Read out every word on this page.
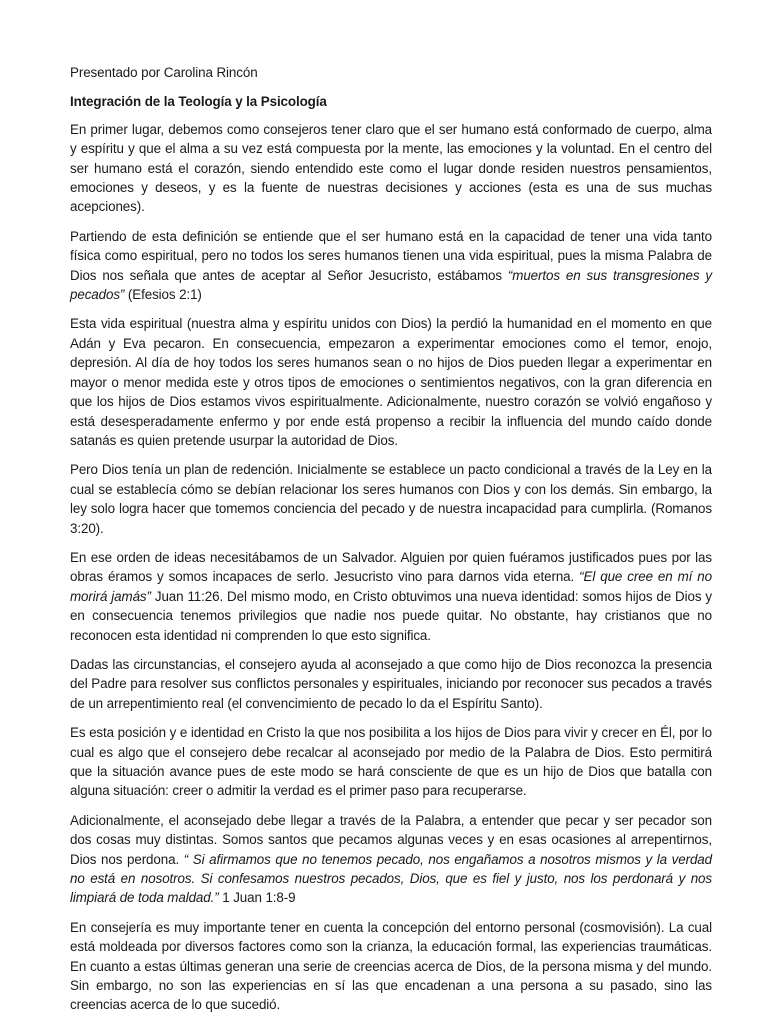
Presentado por Carolina Rincón

Integración de la Teología y la Psicología

En primer lugar, debemos como consejeros tener claro que el ser humano está conformado de cuerpo, alma y espíritu y que el alma a su vez está compuesta por la mente, las emociones y la voluntad. En el centro del ser humano está el corazón, siendo entendido este como el lugar donde residen nuestros pensamientos, emociones y deseos, y es la fuente de nuestras decisiones y acciones (esta es una de sus muchas acepciones).

Partiendo de esta definición se entiende que el ser humano está en la capacidad de tener una vida tanto física como espiritual, pero no todos los seres humanos tienen una vida espiritual, pues la misma Palabra de Dios nos señala que antes de aceptar al Señor Jesucristo, estábamos “muertos en sus transgresiones y pecados” (Efesios 2:1)

Esta vida espiritual (nuestra alma y espíritu unidos con Dios) la perdió la humanidad en el momento en que Adán y Eva pecaron. En consecuencia, empezaron a experimentar emociones como el temor, enojo, depresión. Al día de hoy todos los seres humanos sean o no hijos de Dios pueden llegar a experimentar en mayor o menor medida este y otros tipos de emociones o sentimientos negativos, con la gran diferencia en que los hijos de Dios estamos vivos espiritualmente. Adicionalmente, nuestro corazón se volvió engañoso y está desesperadamente enfermo y por ende está propenso a recibir la influencia del mundo caído donde satanás es quien pretende usurpar la autoridad de Dios.

Pero Dios tenía un plan de redención. Inicialmente se establece un pacto condicional a través de la Ley en la cual se establecía cómo se debían relacionar los seres humanos con Dios y con los demás. Sin embargo, la ley solo logra hacer que tomemos conciencia del pecado y de nuestra incapacidad para cumplirla. (Romanos 3:20).

En ese orden de ideas necesitábamos de un Salvador. Alguien por quien fuéramos justificados pues por las obras éramos y somos incapaces de serlo. Jesucristo vino para darnos vida eterna. “El que cree en mí no morirá jamás” Juan 11:26. Del mismo modo, en Cristo obtuvimos una nueva identidad: somos hijos de Dios y en consecuencia tenemos privilegios que nadie nos puede quitar. No obstante, hay cristianos que no reconocen esta identidad ni comprenden lo que esto significa.

Dadas las circunstancias, el consejero ayuda al aconsejado a que como hijo de Dios reconozca la presencia del Padre para resolver sus conflictos personales y espirituales, iniciando por reconocer sus pecados a través de un arrepentimiento real (el convencimiento de pecado lo da el Espíritu Santo).

Es esta posición y e identidad en Cristo la que nos posibilita a los hijos de Dios para vivir y crecer en Él, por lo cual es algo que el consejero debe recalcar al aconsejado por medio de la Palabra de Dios. Esto permitirá que la situación avance pues de este modo se hará consciente de que es un hijo de Dios que batalla con alguna situación: creer o admitir la verdad es el primer paso para recuperarse.

Adicionalmente, el aconsejado debe llegar a través de la Palabra, a entender que pecar y ser pecador son dos cosas muy distintas. Somos santos que pecamos algunas veces y en esas ocasiones al arrepentirnos, Dios nos perdona. “ Si afirmamos que no tenemos pecado, nos engañamos a nosotros mismos y la verdad no está en nosotros. Si confesamos nuestros pecados, Dios, que es fiel y justo, nos los perdonará y nos limpiará de toda maldad.” 1 Juan 1:8-9

En consejería es muy importante tener en cuenta la concepción del entorno personal (cosmovisión). La cual está moldeada por diversos factores como son la crianza, la educación formal, las experiencias traumáticas. En cuanto a estas últimas generan una serie de creencias acerca de Dios, de la persona misma y del mundo. Sin embargo, no son las experiencias en sí las que encadenan a una persona a su pasado, sino las creencias acerca de lo que sucedió.
